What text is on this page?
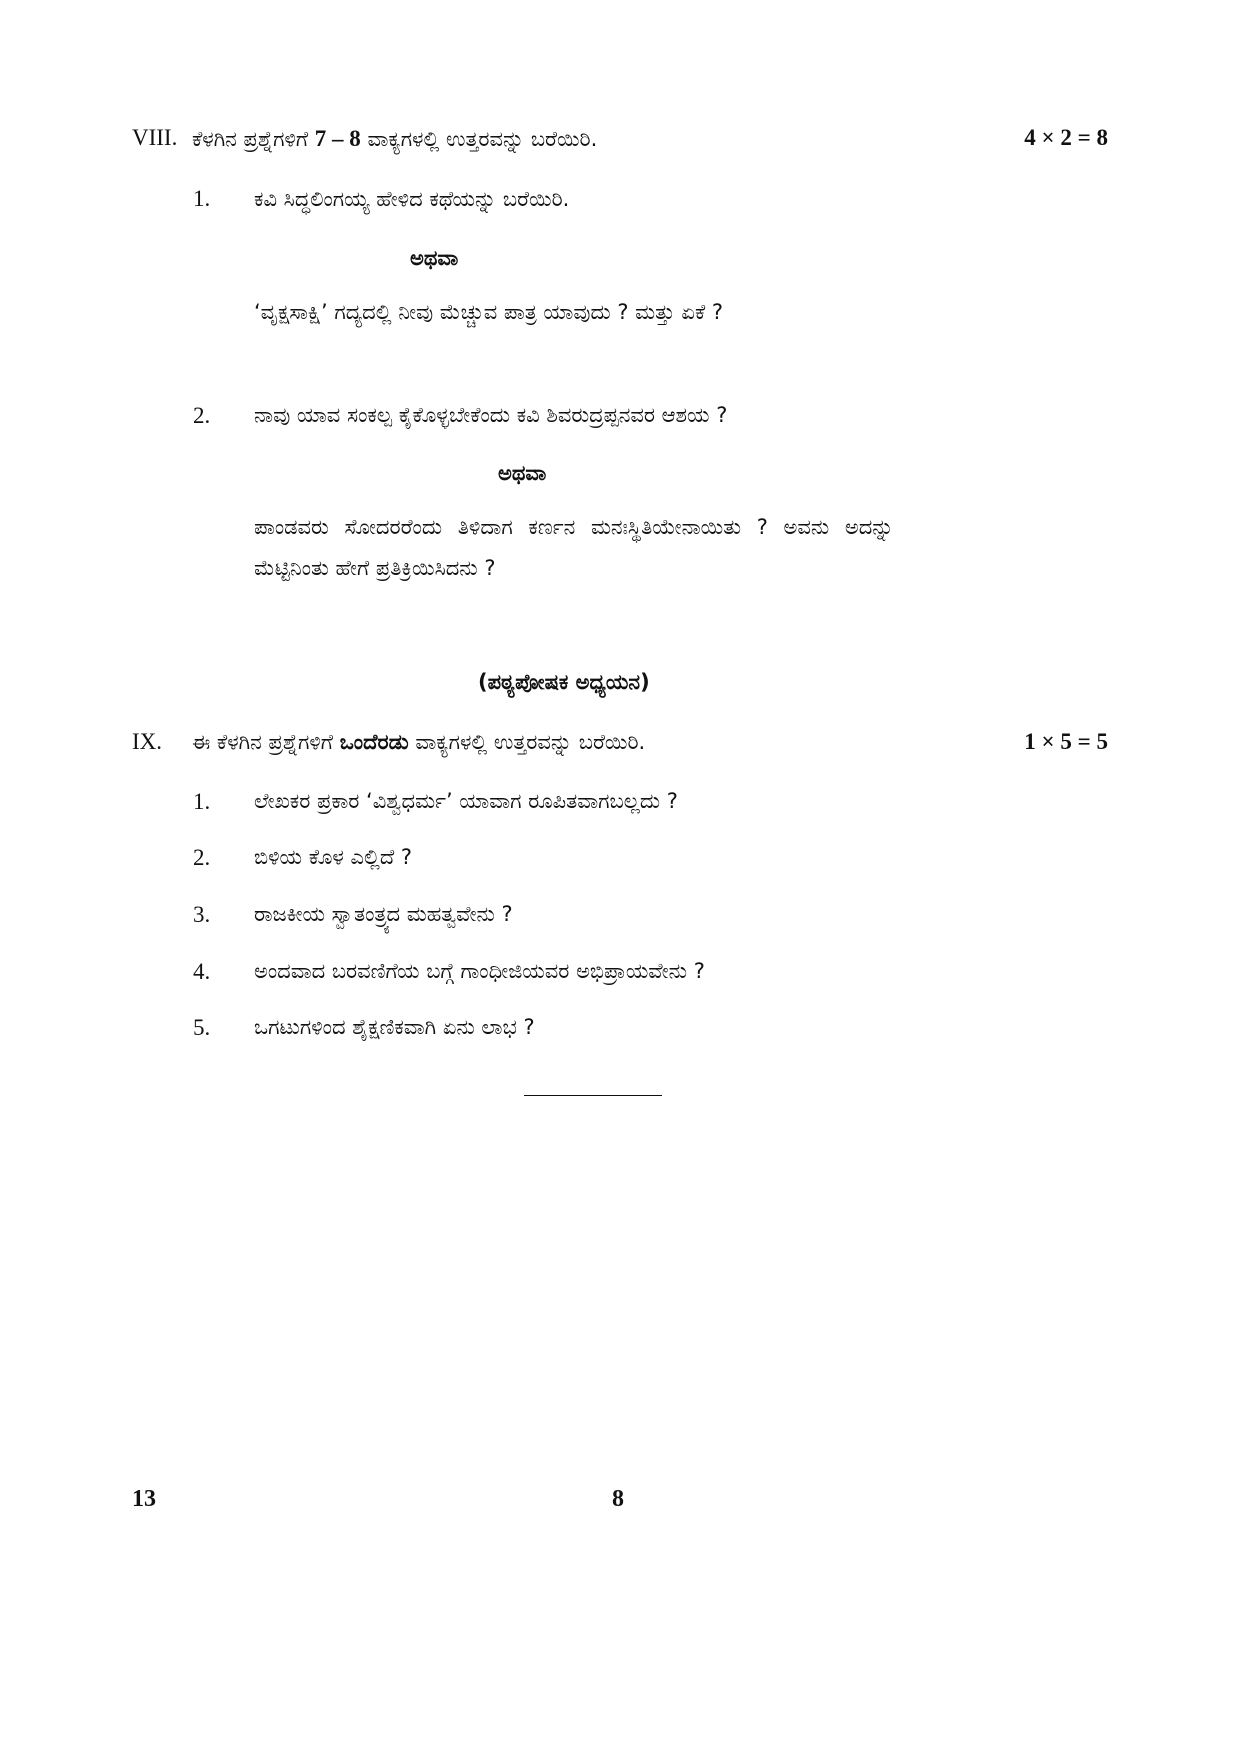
VIII. ಕೆಳಗಿನ ಪ್ರಶ್ನೆಗಳಿಗೆ 7 – 8 ವಾಕ್ಯಗಳಲ್ಲಿ ಉತ್ತರವನ್ನು ಬರೆಯಿರಿ.	4 × 2 = 8
1. ಕವಿ ಸಿದ್ಧಲಿಂಗಯ್ಯ ಹೇಳಿದ ಕಥೆಯನ್ನು ಬರೆಯಿರಿ.
ಅಥವಾ
‘ವೃಕ್ಷಸಾಕ್ಷಿ’ ಗದ್ಯದಲ್ಲಿ ನೀವು ಮೆಚ್ಚುವ ಪಾತ್ರ ಯಾವುದು ? ಮತ್ತು ಏಕೆ ?
2. ನಾವು ಯಾವ ಸಂಕಲ್ಪ ಕೈಕೊಳ್ಳಬೇಕೆಂದು ಕವಿ ಶಿವರುದ್ರಪ್ಪನವರ ಆಶಯ ?
ಅಥವಾ
ಪಾಂಡವರು ಸೋದರರೆಂದು ತಿಳಿದಾಗ ಕರ್ಣನ ಮನಃಸ್ಥಿತಿಯೇನಾಯಿತು ? ಅವನು ಅದನ್ನು
ಮೆಟ್ಟಿನಿಂತು ಹೇಗೆ ಪ್ರತಿಕ್ರಿಯಿಸಿದನು ?
(ಪಠ್ಯಪೋಷಕ ಅಧ್ಯಯನ)
IX. ಈ ಕೆಳಗಿನ ಪ್ರಶ್ನೆಗಳಿಗೆ ಒಂದೆರಡು ವಾಕ್ಯಗಳಲ್ಲಿ ಉತ್ತರವನ್ನು ಬರೆಯಿರಿ.	1 × 5 = 5
1. ಲೇಖಕರ ಪ್ರಕಾರ ‘ವಿಶ್ವಧರ್ಮ’ ಯಾವಾಗ ರೂಪಿತವಾಗಬಲ್ಲದು ?
2. ಬಿಳಿಯ ಕೊಳ ಎಲ್ಲಿದೆ ?
3. ರಾಜಕೀಯ ಸ್ವಾತಂತ್ರ್ಯದ ಮಹತ್ವವೇನು ?
4. ಅಂದವಾದ ಬರವಣಿಗೆಯ ಬಗ್ಗೆ ಗಾಂಧೀಜಿಯವರ ಅಭಿಪ್ರಾಯವೇನು ?
5. ಒಗಟುಗಳಿಂದ ಶೈಕ್ಷಣಿಕವಾಗಿ ಏನು ಲಾಭ ?
13	8
